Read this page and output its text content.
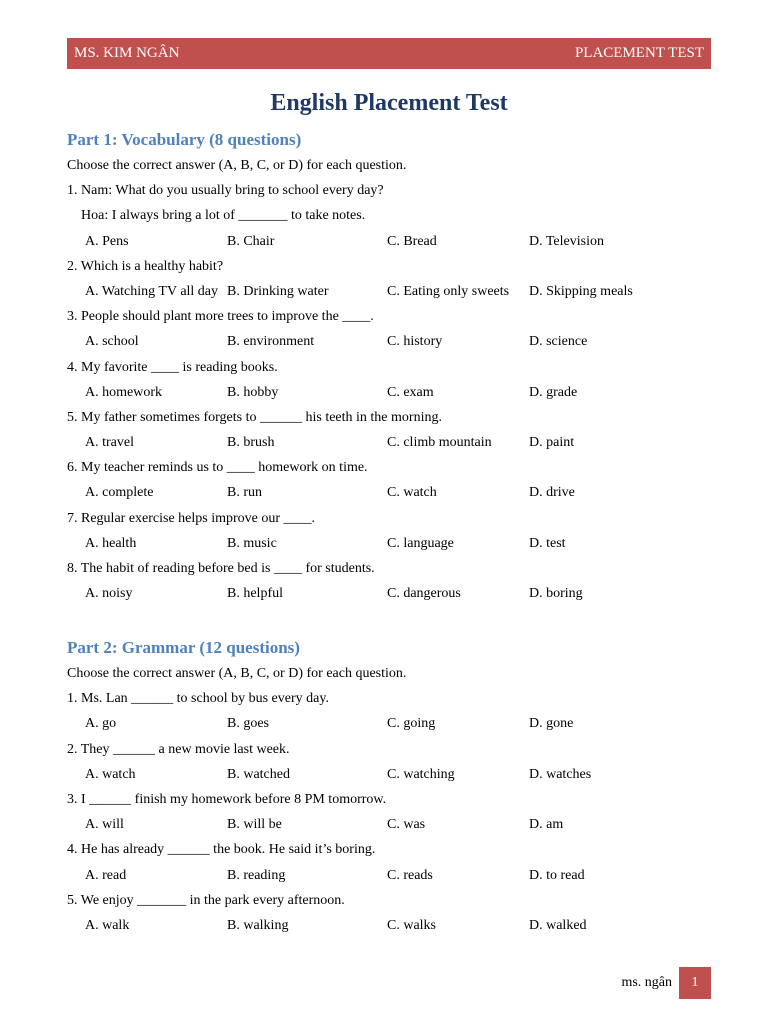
MS. KIM NGÂN	PLACEMENT TEST
English Placement Test
Part 1: Vocabulary (8 questions)
Choose the correct answer (A, B, C, or D) for each question.
1. Nam: What do you usually bring to school every day?
Hoa: I always bring a lot of _______ to take notes.
A. Pens	B. Chair	C. Bread	D. Television
2. Which is a healthy habit?
A. Watching TV all day B. Drinking water	C. Eating only sweets D. Skipping meals
3. People should plant more trees to improve the ____.
A. school	B. environment	C. history	D. science
4. My favorite ____ is reading books.
A. homework	B. hobby	C. exam	D. grade
5. My father sometimes forgets to ______ his teeth in the morning.
A. travel	B. brush	C. climb mountain	D. paint
6. My teacher reminds us to ____ homework on time.
A. complete	B. run	C. watch	D. drive
7. Regular exercise helps improve our ____.
A. health	B. music	C. language	D. test
8. The habit of reading before bed is ____ for students.
A. noisy	B. helpful	C. dangerous	D. boring
Part 2: Grammar (12 questions)
Choose the correct answer (A, B, C, or D) for each question.
1. Ms. Lan ______ to school by bus every day.
A. go	B. goes	C. going	D. gone
2. They ______ a new movie last week.
A. watch	B. watched	C. watching	D. watches
3. I ______ finish my homework before 8 PM tomorrow.
A. will	B. will be	C. was	D. am
4. He has already ______ the book. He said it’s boring.
A. read	B. reading	C. reads	D. to read
5. We enjoy _______ in the park every afternoon.
A. walk	B. walking	C. walks	D. walked
ms. ngân 1
